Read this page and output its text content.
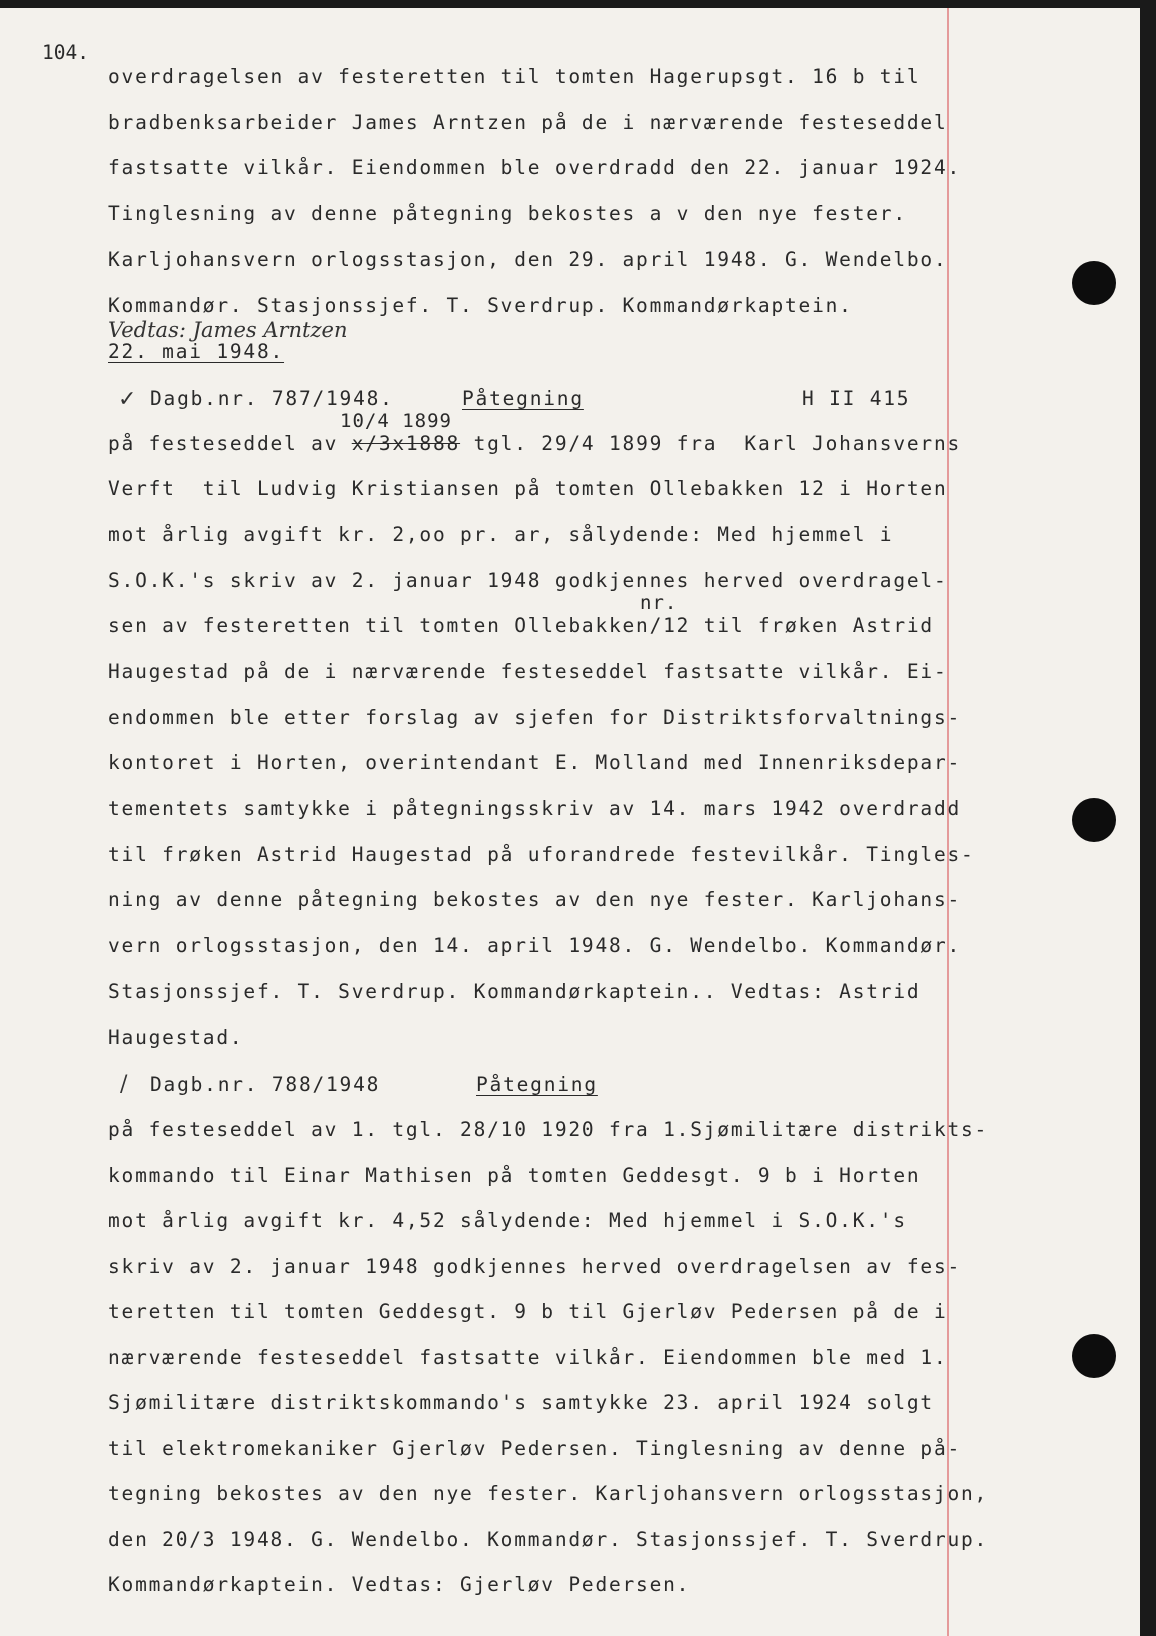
104.
overdragelsen av festeretten til tomten Hagerupsgt. 16 b til
bradbenksarbeider James Arntzen på de i nærværende festeseddel
fastsatte vilkår. Eiendommen ble overdradd den 22. januar 1924.
Tinglesning av denne påtegning bekostes a v den nye fester.
Karljohansvern orlogsstasjon, den 29. april 1948. G. Wendelbo.
Kommandør. Stasjonssjef. T. Sverdrup. Kommandørkaptein.
Vedtas: James Arntzen
22. mai 1948.
✓ Dagb.nr. 787/1948.	Påtegning	H II 415
10/4 1899
på festeseddel av x/3x1888 tgl. 29/4 1899 fra  Karl Johansverns
Verft  til Ludvig Kristiansen på tomten Ollebakken 12 i Horten
mot årlig avgift kr. 2,oo pr. ar, sålydende: Med hjemmel i
S.O.K.'s skriv av 2. januar 1948 godkjennes herved overdragel-
nr.
sen av festeretten til tomten Ollebakken/12 til frøken Astrid
Haugestad på de i nærværende festeseddel fastsatte vilkår. Ei-
endommen ble etter forslag av sjefen for Distriktsforvaltnings-
kontoret i Horten, overintendant E. Molland med Innenriksdepar-
tementets samtykke i påtegningsskriv av 14. mars 1942 overdradd
til frøken Astrid Haugestad på uforandrede festevilkår. Tingles-
ning av denne påtegning bekostes av den nye fester. Karljohans-
vern orlogsstasjon, den 14. april 1948. G. Wendelbo. Kommandør.
Stasjonssjef. T. Sverdrup. Kommandørkaptein.. Vedtas: Astrid
Haugestad.
/ Dagb.nr. 788/1948	Påtegning
på festeseddel av 1. tgl. 28/10 1920 fra 1.Sjømilitære distrikts-
kommando til Einar Mathisen på tomten Geddesgt. 9 b i Horten
mot årlig avgift kr. 4,52 sålydende: Med hjemmel i S.O.K.'s
skriv av 2. januar 1948 godkjennes herved overdragelsen av fes-
teretten til tomten Geddesgt. 9 b til Gjerløv Pedersen på de i
nærværende festeseddel fastsatte vilkår. Eiendommen ble med 1.
Sjømilitære distriktskommando's samtykke 23. april 1924 solgt
til elektromekaniker Gjerløv Pedersen. Tinglesning av denne på-
tegning bekostes av den nye fester. Karljohansvern orlogsstasjon,
den 20/3 1948. G. Wendelbo. Kommandør. Stasjonssjef. T. Sverdrup.
Kommandørkaptein. Vedtas: Gjerløv Pedersen.
